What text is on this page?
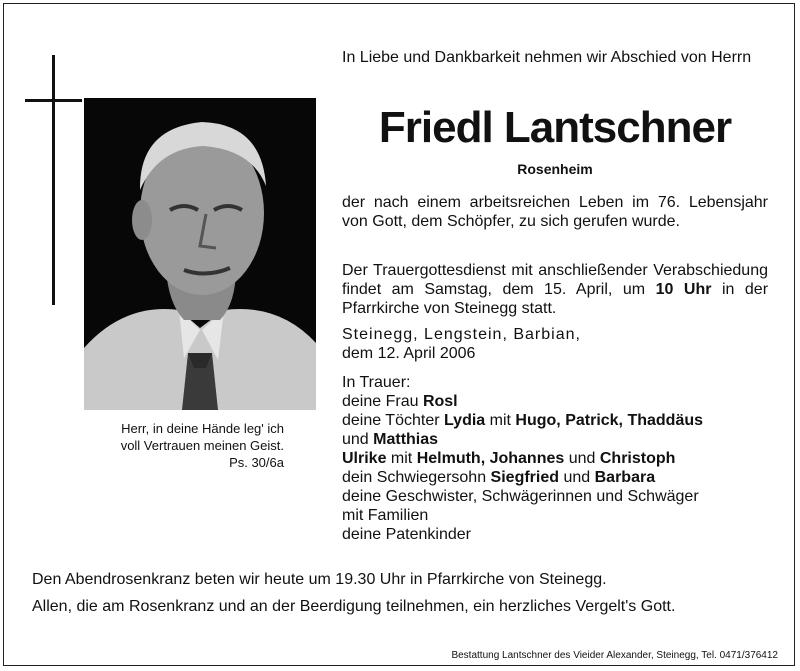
Herr, in deine Hände leg' ich
voll Vertrauen meinen Geist.
Ps. 30/6a
In Liebe und Dankbarkeit nehmen wir Abschied von Herrn
Friedl Lantschner
Rosenheim
der nach einem arbeitsreichen Leben im 76. Lebensjahr von Gott, dem Schöpfer, zu sich gerufen wurde.
Der Trauergottesdienst mit anschließender Verabschiedung findet am Samstag, dem 15. April, um 10 Uhr in der Pfarrkirche von Steinegg statt.
Steinegg, Lengstein, Barbian,
dem 12. April 2006
In Trauer:
deine Frau Rosl
deine Töchter Lydia mit Hugo, Patrick, Thaddäus
und Matthias
Ulrike mit Helmuth, Johannes und Christoph
dein Schwiegersohn Siegfried und Barbara
deine Geschwister, Schwägerinnen und Schwäger
mit Familien
deine Patenkinder
Den Abendrosenkranz beten wir heute um 19.30 Uhr in Pfarrkirche von Steinegg.
Allen, die am Rosenkranz und an der Beerdigung teilnehmen, ein herzliches Vergelt's Gott.
Bestattung Lantschner des Vieider Alexander, Steinegg, Tel. 0471/376412
